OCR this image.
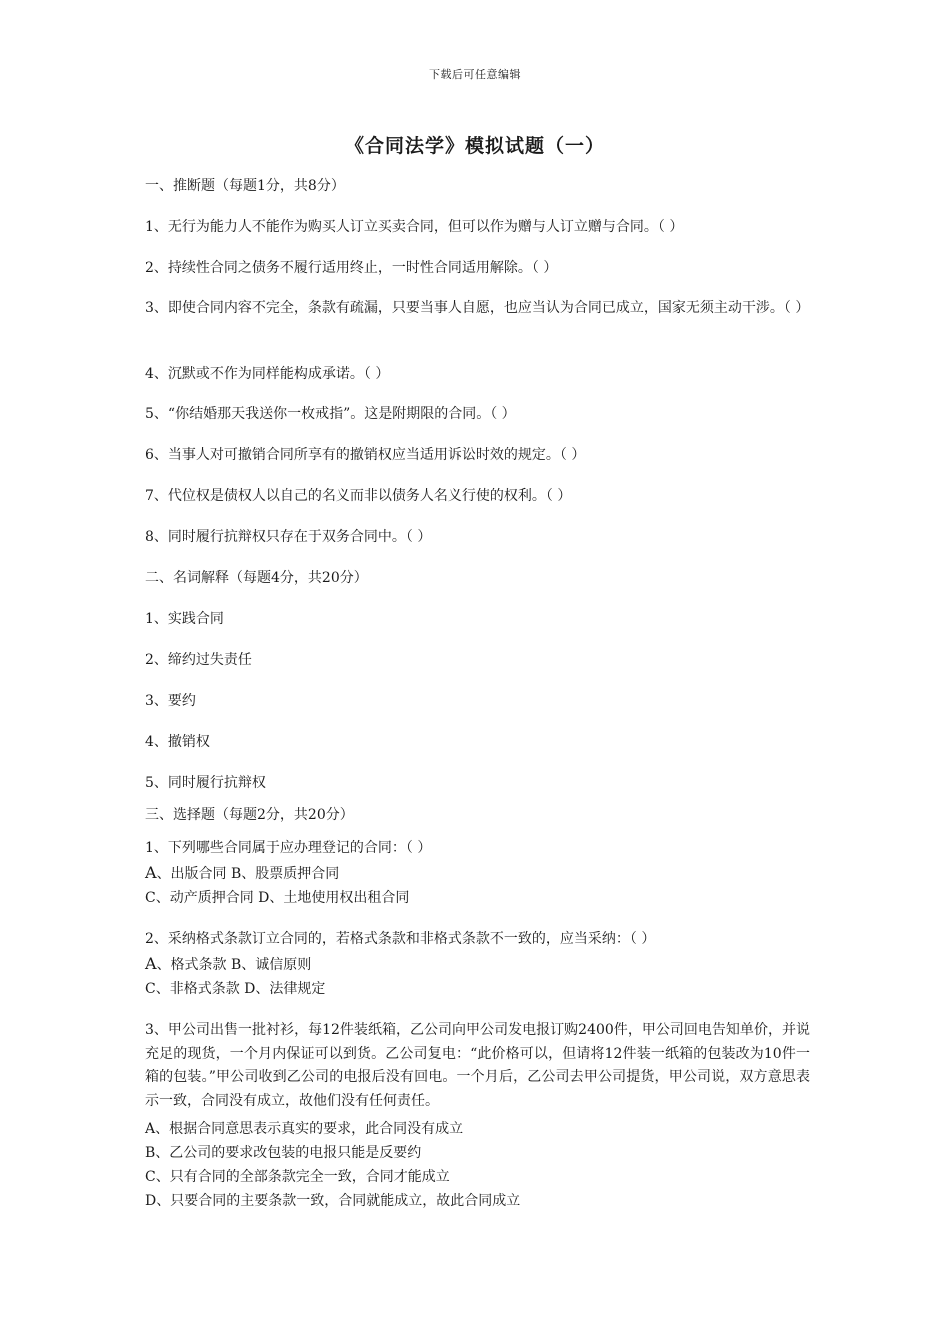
下载后可任意编辑
《合同法学》模拟试题（一）
一、推断题（每题1分，共8分）
1、无行为能力人不能作为购买人订立买卖合同，但可以作为赠与人订立赠与合同。（ ）
2、持续性合同之债务不履行适用终止，一时性合同适用解除。（ ）
3、即使合同内容不完全，条款有疏漏，只要当事人自愿，也应当认为合同已成立，国家无须主动干涉。（ ）
4、沉默或不作为同样能构成承诺。（ ）
5、“你结婚那天我送你一枚戒指”。这是附期限的合同。（ ）
6、当事人对可撤销合同所享有的撤销权应当适用诉讼时效的规定。（ ）
7、代位权是债权人以自己的名义而非以债务人名义行使的权利。（ ）
8、同时履行抗辩权只存在于双务合同中。（ ）
二、名词解释（每题4分，共20分）
1、实践合同
2、缔约过失责任
3、要约
4、撤销权
5、同时履行抗辩权
三、选择题（每题2分，共20分）
1、下列哪些合同属于应办理登记的合同：（ ）
A、出版合同 B、股票质押合同
C、动产质押合同 D、土地使用权出租合同
2、采纳格式条款订立合同的，若格式条款和非格式条款不一致的，应当采纳：（ ）
A、格式条款 B、诚信原则
C、非格式条款 D、法律规定
3、甲公司出售一批衬衫，每12件装纸箱，乙公司向甲公司发电报订购2400件，甲公司回电告知单价，并说充足的现货，一个月内保证可以到货。乙公司复电：“此价格可以，但请将12件装一纸箱的包装改为10件一箱的包装。”甲公司收到乙公司的电报后没有回电。一个月后，乙公司去甲公司提货，甲公司说，双方意思表示一致，合同没有成立，故他们没有任何责任。
A、根据合同意思表示真实的要求，此合同没有成立
B、乙公司的要求改包装的电报只能是反要约
C、只有合同的全部条款完全一致，合同才能成立
D、只要合同的主要条款一致，合同就能成立，故此合同成立
